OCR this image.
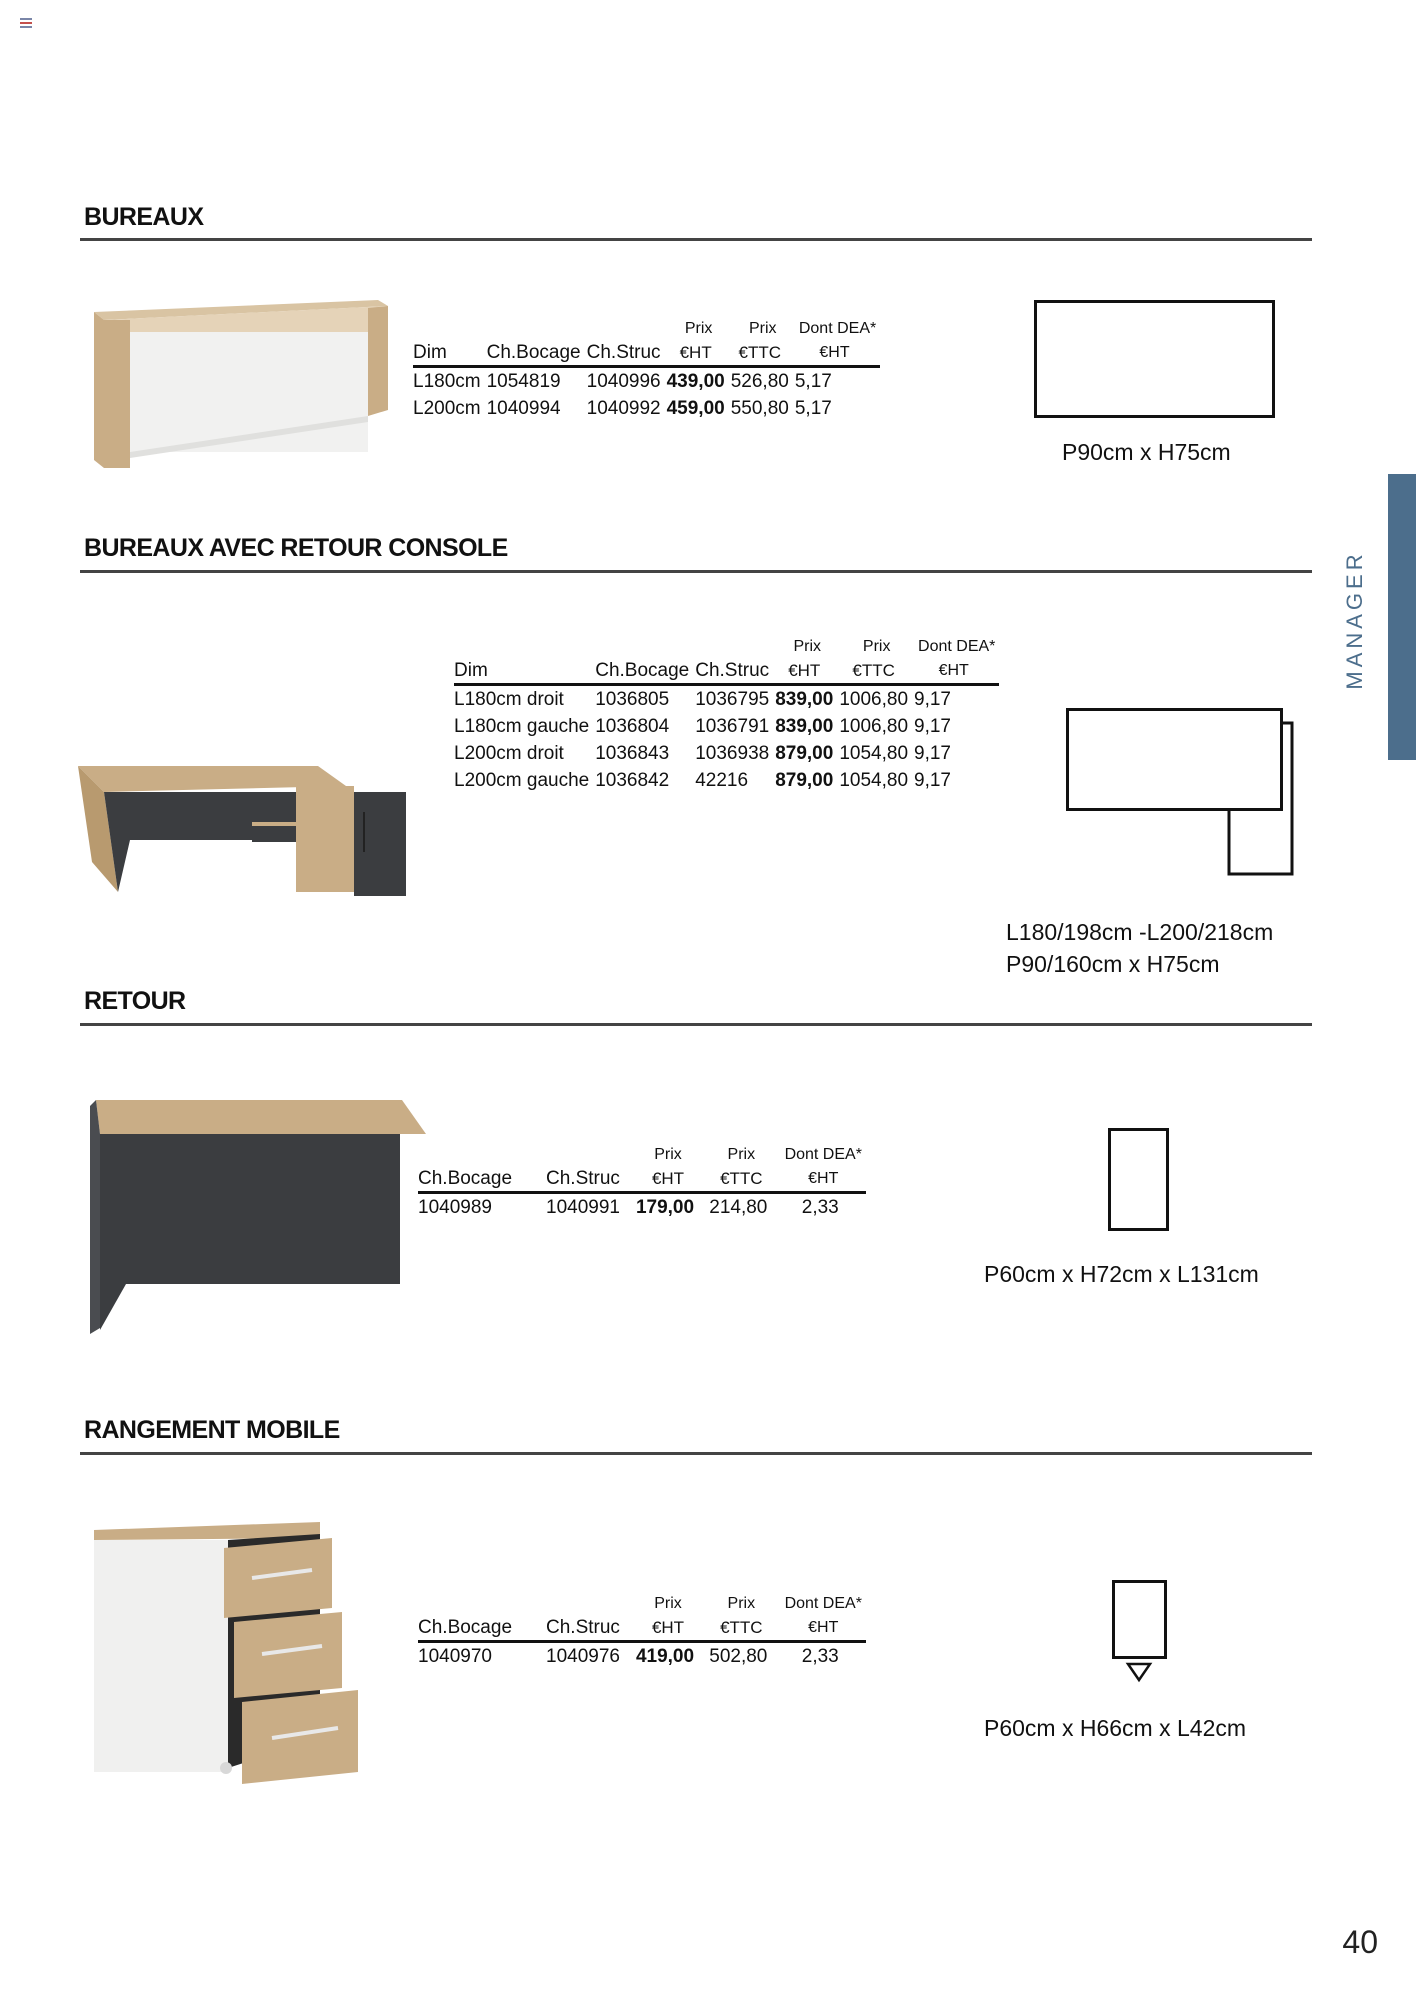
BUREAUX
			Prix	Prix	Dont DEA*
Dim	Ch.Bocage	Ch.Struc	€HT	€TTC	€HT
L180cm	1054819	1040996	439,00	526,80	5,17
L200cm	1040994	1040992	459,00	550,80	5,17
P90cm x H75cm
BUREAUX AVEC RETOUR CONSOLE
			Prix	Prix	Dont DEA*
Dim	Ch.Bocage	Ch.Struc	€HT	€TTC	€HT
L180cm droit	1036805	1036795	839,00	1006,80	9,17
L180cm gauche	1036804	1036791	839,00	1006,80	9,17
L200cm droit	1036843	1036938	879,00	1054,80	9,17
L200cm gauche	1036842	42216	879,00	1054,80	9,17
L180/198cm -L200/218cm
P90/160cm x H75cm
RETOUR
		Prix	Prix	Dont DEA*
Ch.Bocage	Ch.Struc	€HT	€TTC	€HT
1040989	1040991	179,00	214,80	2,33
P60cm x H72cm x L131cm
RANGEMENT MOBILE
		Prix	Prix	Dont DEA*
Ch.Bocage	Ch.Struc	€HT	€TTC	€HT
1040970	1040976	419,00	502,80	2,33
P60cm x H66cm x L42cm
MANAGER
40
